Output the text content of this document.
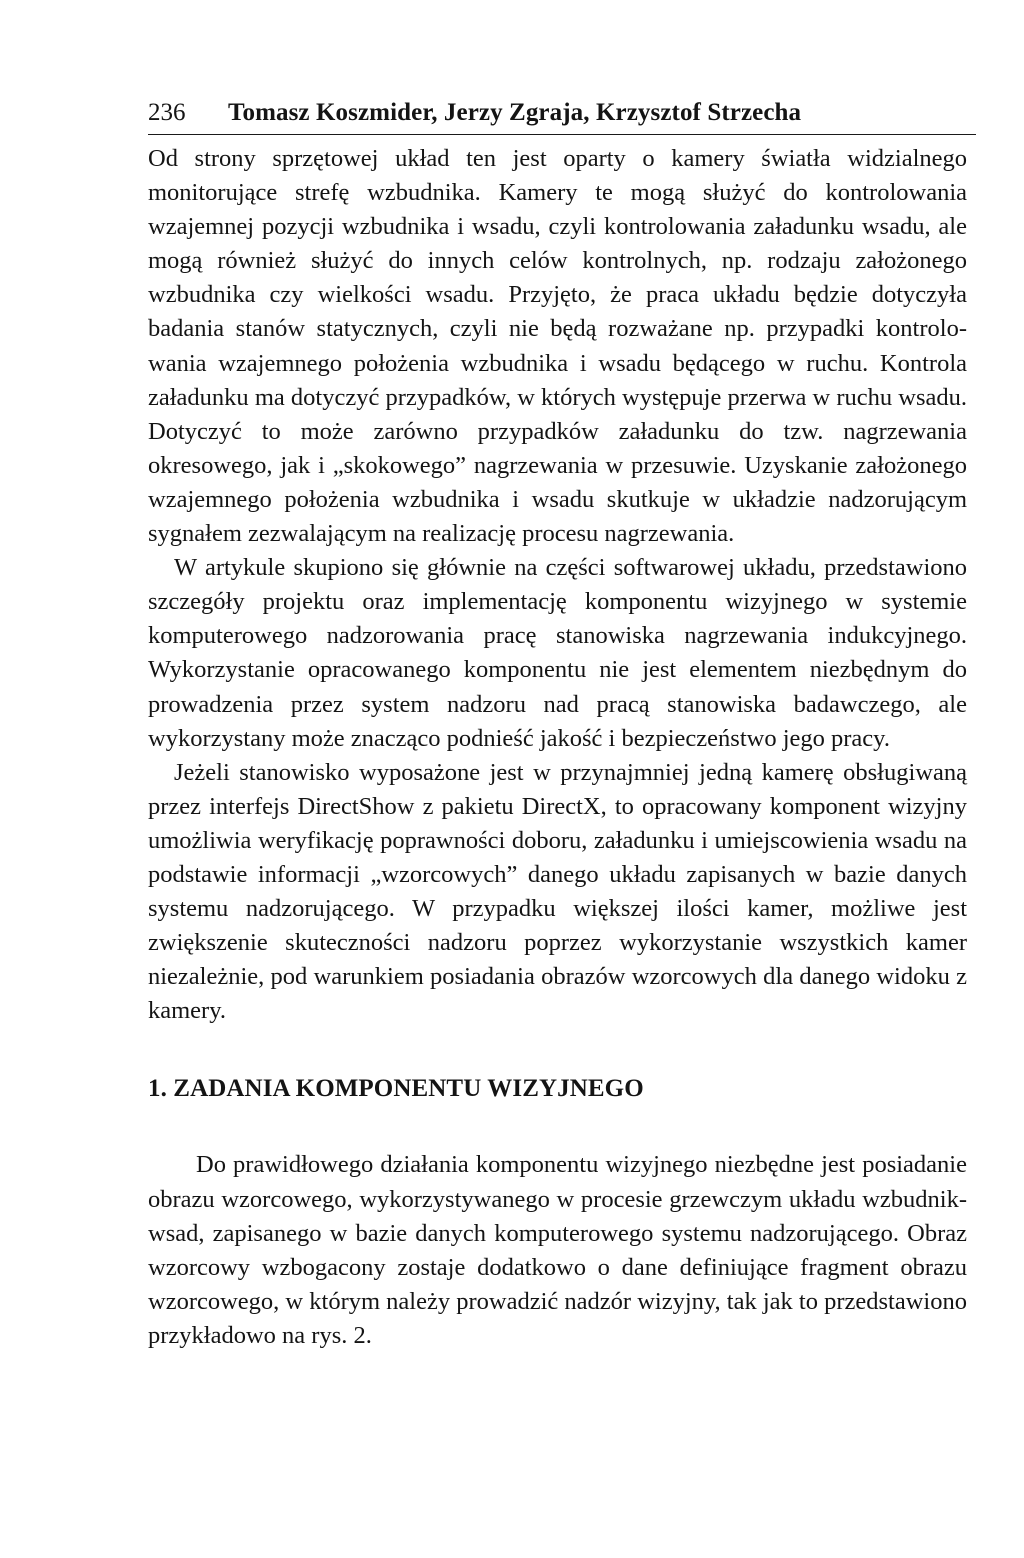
236 Tomasz Koszmider, Jerzy Zgraja, Krzysztof Strzecha

Od strony sprzętowej układ ten jest oparty o kamery światła widzialnego monitorujące strefę wzbudnika. Kamery te mogą służyć do kontrolowania wzajemnej pozycji wzbudnika i wsadu, czyli kontrolowania załadunku wsadu, ale mogą również służyć do innych celów kontrolnych, np. rodzaju założonego wzbudnika czy wielkości wsadu. Przyjęto, że praca układu będzie dotyczyła badania stanów statycznych, czyli nie będą rozważane np. przypadki kontrolowania wzajemnego położenia wzbudnika i wsadu będącego w ruchu. Kontrola załadunku ma dotyczyć przypadków, w których występuje przerwa w ruchu wsadu. Dotyczyć to może zarówno przypadków załadunku do tzw. nagrzewania okresowego, jak i „skokowego” nagrzewania w przesuwie. Uzyskanie założonego wzajemnego położenia wzbudnika i wsadu skutkuje w układzie nadzorującym sygnałem zezwalającym na realizację procesu nagrzewania.

W artykule skupiono się głównie na części softwarowej układu, przedstawiono szczegóły projektu oraz implementację komponentu wizyjnego w systemie komputerowego nadzorowania pracę stanowiska nagrzewania indukcyjnego. Wykorzystanie opracowanego komponentu nie jest elementem niezbędnym do prowadzenia przez system nadzoru nad pracą stanowiska badawczego, ale wykorzystany może znacząco podnieść jakość i bezpieczeństwo jego pracy.

Jeżeli stanowisko wyposażone jest w przynajmniej jedną kamerę obsługiwaną przez interfejs DirectShow z pakietu DirectX, to opracowany komponent wizyjny umożliwia weryfikację poprawności doboru, załadunku i umiejscowienia wsadu na podstawie informacji „wzorcowych” danego układu zapisanych w bazie danych systemu nadzorującego. W przypadku większej ilości kamer, możliwe jest zwiększenie skuteczności nadzoru poprzez wykorzystanie wszystkich kamer niezależnie, pod warunkiem posiadania obrazów wzorcowych dla danego widoku z kamery.

1. ZADANIA KOMPONENTU WIZYJNEGO

Do prawidłowego działania komponentu wizyjnego niezbędne jest posiadanie obrazu wzorcowego, wykorzystywanego w procesie grzewczym układu wzbudnik-wsad, zapisanego w bazie danych komputerowego systemu nadzorującego. Obraz wzorcowy wzbogacony zostaje dodatkowo o dane definiujące fragment obrazu wzorcowego, w którym należy prowadzić nadzór wizyjny, tak jak to przedstawiono przykładowo na rys. 2.
